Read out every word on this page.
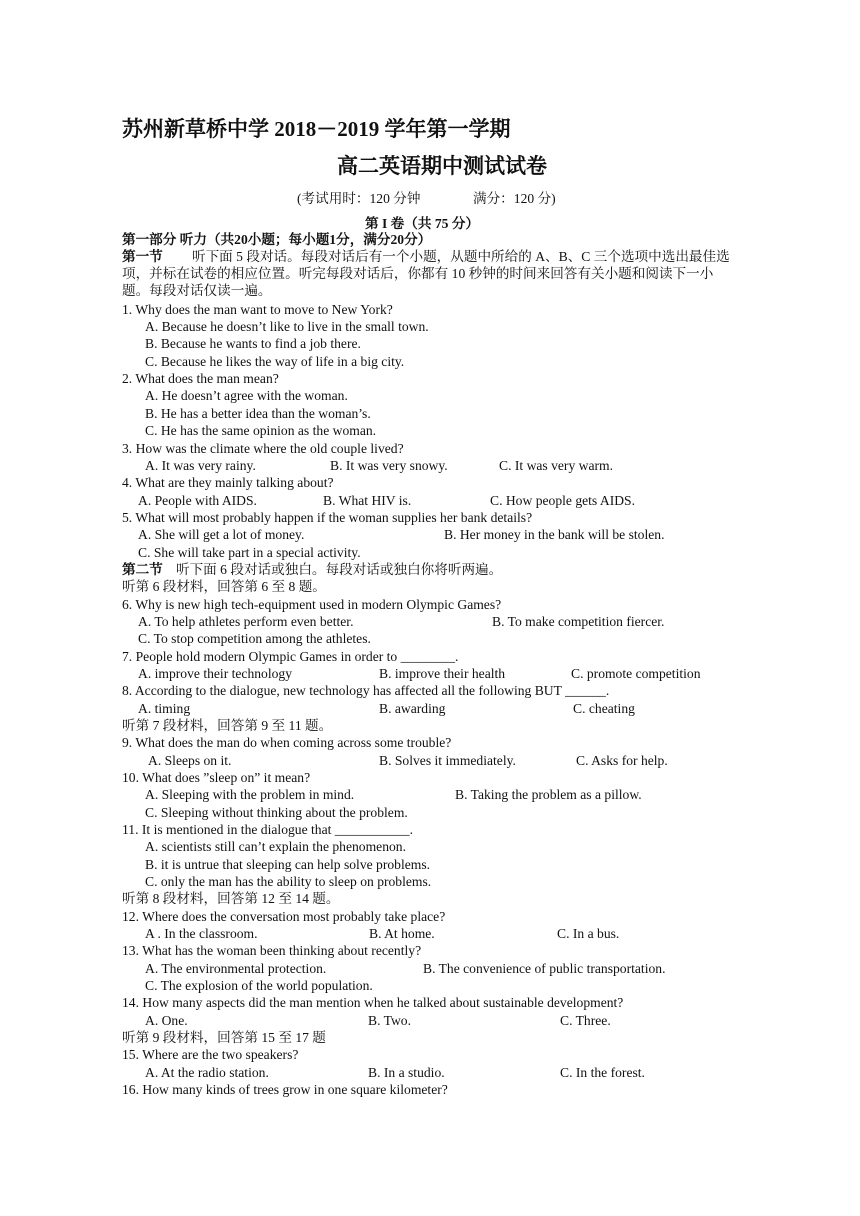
苏州新草桥中学 2018－2019 学年第一学期
高二英语期中测试试卷
(考试用时：120 分钟	满分：120 分)
第 I 卷（共 75 分）
第一部分 听力（共20小题；每小题1分，满分20分）
第一节	听下面 5 段对话。每段对话后有一个小题，从题中所给的 A、B、C 三个选项中选出最佳选项，并标在试卷的相应位置。听完每段对话后，你都有 10 秒钟的时间来回答有关小题和阅读下一小题。每段对话仅读一遍。
1. Why does the man want to move to New York?
A. Because he doesn’t like to live in the small town.
B. Because he wants to find a job there.
C. Because he likes the way of life in a big city.
2. What does the man mean?
A. He doesn’t agree with the woman.
B. He has a better idea than the woman’s.
C. He has the same opinion as the woman.
3. How was the climate where the old couple lived?
A. It was very rainy.	B. It was very snowy.	C. It was very warm.
4. What are they mainly talking about?
A. People with AIDS.	B. What HIV is.	C. How people gets AIDS.
5. What will most probably happen if the woman supplies her bank details?
A. She will get a lot of money.	B. Her money in the bank will be stolen.
C. She will take part in a special activity.
第二节 听下面 6 段对话或独白。每段对话或独白你将听两遍。
听第 6 段材料，回答第 6 至 8 题。
6. Why is new high tech-equipment used in modern Olympic Games?
A. To help athletes perform even better.	B. To make competition fiercer.
C. To stop competition among the athletes.
7. People hold modern Olympic Games in order to ________.
A. improve their technology	B. improve their health	C. promote competition
8. According to the dialogue, new technology has affected all the following BUT ______.
A. timing	B. awarding	C. cheating
听第 7 段材料，回答第 9 至 11 题。
9. What does the man do when coming across some trouble?
A. Sleeps on it.	B. Solves it immediately.	C. Asks for help.
10. What does ”sleep on” it mean?
A. Sleeping with the problem in mind.	B. Taking the problem as a pillow.
C. Sleeping without thinking about the problem.
11. It is mentioned in the dialogue that ___________.
A. scientists still can’t explain the phenomenon.
B. it is untrue that sleeping can help solve problems.
C. only the man has the ability to sleep on problems.
听第 8 段材料，回答第 12 至 14 题。
12. Where does the conversation most probably take place?
A . In the classroom.	B. At home.	C. In a bus.
13. What has the woman been thinking about recently?
A. The environmental protection.	B. The convenience of public transportation.
C. The explosion of the world population.
14. How many aspects did the man mention when he talked about sustainable development?
A. One.	B. Two.	C. Three.
听第 9 段材料，回答第 15 至 17 题
15. Where are the two speakers?
A. At the radio station.	B. In a studio.	C. In the forest.
16. How many kinds of trees grow in one square kilometer?
